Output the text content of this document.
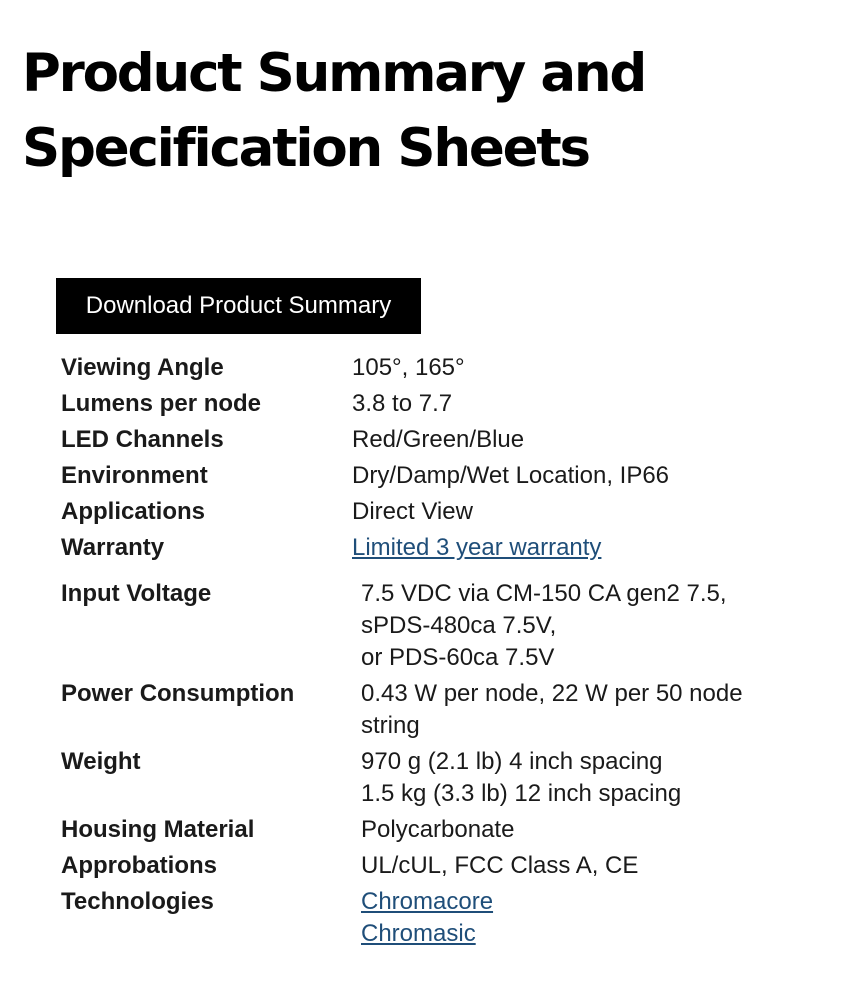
Product Summary and
Specification Sheets
Download Product Summary
Viewing Angle	105°, 165°
Lumens per node	3.8 to 7.7
LED Channels	Red/Green/Blue
Environment	Dry/Damp/Wet Location, IP66
Applications	Direct View
Warranty	Limited 3 year warranty
Input Voltage	7.5 VDC via CM-150 CA gen2 7.5,
sPDS-480ca 7.5V,
or PDS-60ca 7.5V
Power Consumption	0.43 W per node, 22 W per 50 node
string
Weight	970 g (2.1 lb) 4 inch spacing
1.5 kg (3.3 lb) 12 inch spacing
Housing Material	Polycarbonate
Approbations	UL/cUL, FCC Class A, CE
Technologies	Chromacore
Chromasic
